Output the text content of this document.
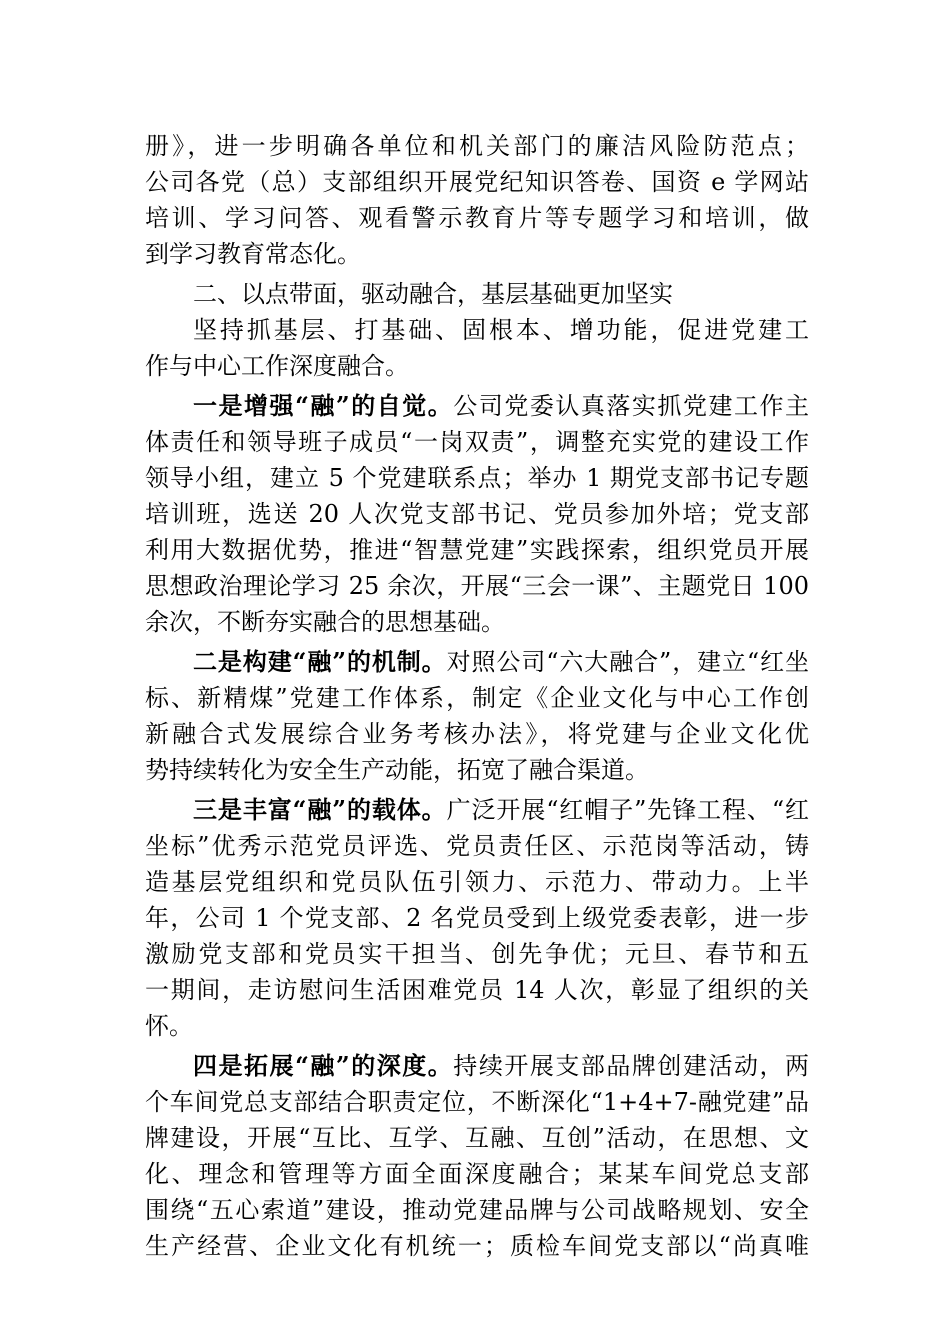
册》，进一步明确各单位和机关部门的廉洁风险防范点；
公司各党（总）支部组织开展党纪知识答卷、国资 e 学网站
培训、学习问答、观看警示教育片等专题学习和培训，做
到学习教育常态化。
二、以点带面，驱动融合，基层基础更加坚实
坚持抓基层、打基础、固根本、增功能，促进党建工
作与中心工作深度融合。
一是增强“融”的自觉。公司党委认真落实抓党建工作主
体责任和领导班子成员“一岗双责”，调整充实党的建设工作
领导小组，建立 5 个党建联系点；举办 1 期党支部书记专题
培训班，选送 20 人次党支部书记、党员参加外培；党支部
利用大数据优势，推进“智慧党建”实践探索，组织党员开展
思想政治理论学习 25 余次，开展“三会一课”、主题党日 100
余次，不断夯实融合的思想基础。
二是构建“融”的机制。对照公司“六大融合”，建立“红坐
标、新精煤”党建工作体系，制定《企业文化与中心工作创
新融合式发展综合业务考核办法》，将党建与企业文化优
势持续转化为安全生产动能，拓宽了融合渠道。
三是丰富“融”的载体。广泛开展“红帽子”先锋工程、“红
坐标”优秀示范党员评选、党员责任区、示范岗等活动，铸
造基层党组织和党员队伍引领力、示范力、带动力。上半
年，公司 1 个党支部、2 名党员受到上级党委表彰，进一步
激励党支部和党员实干担当、创先争优；元旦、春节和五
一期间，走访慰问生活困难党员 14 人次，彰显了组织的关
怀。
四是拓展“融”的深度。持续开展支部品牌创建活动，两
个车间党总支部结合职责定位，不断深化“1+4+7-融党建”品
牌建设，开展“互比、互学、互融、互创”活动，在思想、文
化、理念和管理等方面全面深度融合；某某车间党总支部
围绕“五心索道”建设，推动党建品牌与公司战略规划、安全
生产经营、企业文化有机统一；质检车间党支部以“尚真唯
